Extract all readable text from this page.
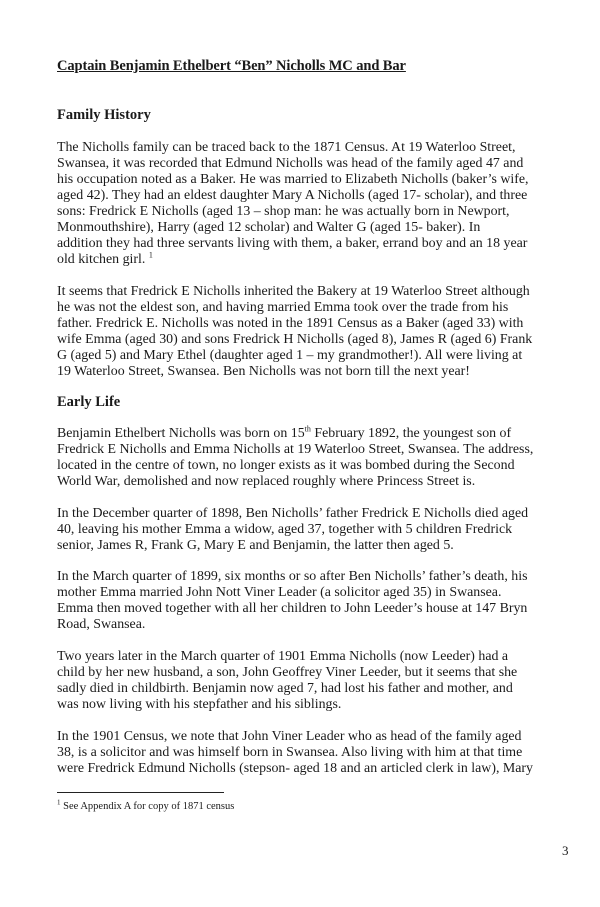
Captain Benjamin Ethelbert “Ben” Nicholls MC and Bar
Family History
The Nicholls family can be traced back to the 1871 Census. At 19 Waterloo Street,
Swansea, it was recorded that Edmund Nicholls was head of the family aged 47 and
his occupation noted as a Baker. He was married to Elizabeth Nicholls (baker’s wife,
aged 42). They had an eldest daughter Mary A Nicholls (aged 17- scholar), and three
sons: Fredrick E Nicholls (aged 13 – shop man: he was actually born in Newport,
Monmouthshire), Harry (aged 12 scholar) and Walter G (aged 15- baker). In
addition they had three servants living with them, a baker, errand boy and an 18 year
old kitchen girl. $^1$
It seems that Fredrick E Nicholls inherited the Bakery at 19 Waterloo Street although
he was not the eldest son, and having married Emma took over the trade from his
father. Fredrick E. Nicholls was noted in the 1891 Census as a Baker (aged 33) with
wife Emma (aged 30) and sons Fredrick H Nicholls (aged 8), James R (aged 6) Frank
G (aged 5) and Mary Ethel (daughter aged 1 – my grandmother!). All were living at
19 Waterloo Street, Swansea. Ben Nicholls was not born till the next year!
Early Life
Benjamin Ethelbert Nicholls was born on 15th February 1892, the youngest son of
Fredrick E Nicholls and Emma Nicholls at 19 Waterloo Street, Swansea. The address,
located in the centre of town, no longer exists as it was bombed during the Second
World War, demolished and now replaced roughly where Princess Street is.
In the December quarter of 1898, Ben Nicholls’ father Fredrick E Nicholls died aged
40, leaving his mother Emma a widow, aged 37, together with 5 children Fredrick
senior, James R, Frank G, Mary E and Benjamin, the latter then aged 5.
In the March quarter of 1899, six months or so after Ben Nicholls’ father’s death, his
mother Emma married John Nott Viner Leader (a solicitor aged 35) in Swansea.
Emma then moved together with all her children to John Leeder’s house at 147 Bryn
Road, Swansea.
Two years later in the March quarter of 1901 Emma Nicholls (now Leeder) had a
child by her new husband, a son, John Geoffrey Viner Leeder, but it seems that she
sadly died in childbirth. Benjamin now aged 7, had lost his father and mother, and
was now living with his stepfather and his siblings.
In the 1901 Census, we note that John Viner Leader who as head of the family aged
38, is a solicitor and was himself born in Swansea. Also living with him at that time
were Fredrick Edmund Nicholls (stepson- aged 18 and an articled clerk in law), Mary
$^1$ See Appendix A for copy of 1871 census
3
